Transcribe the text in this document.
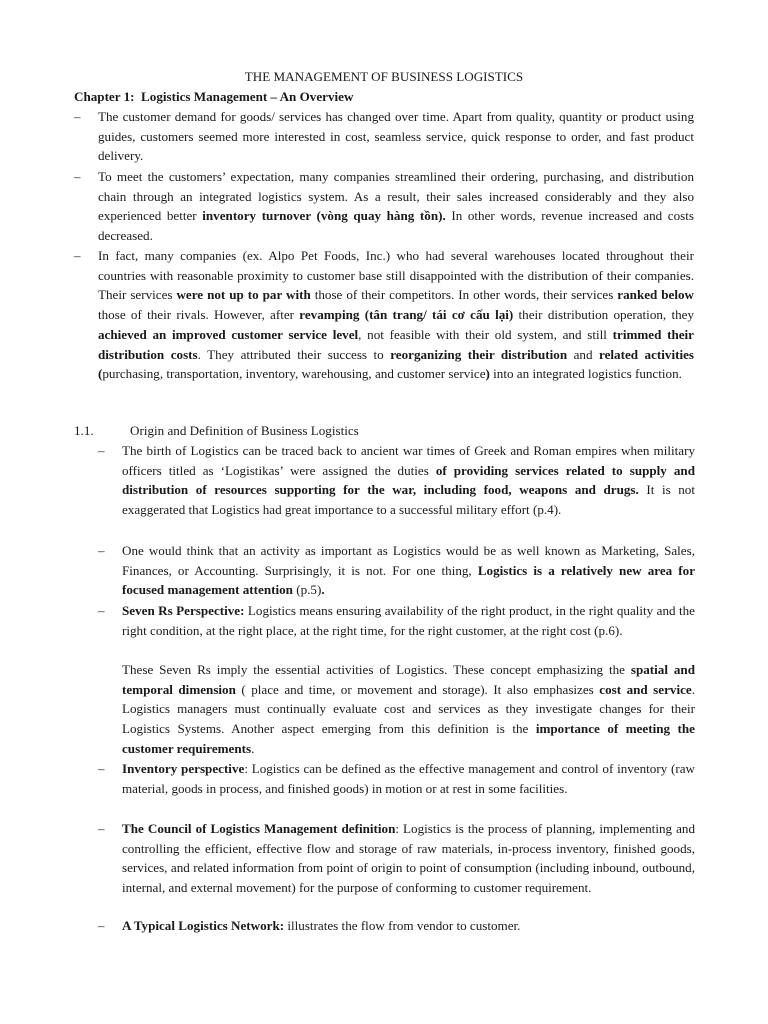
THE MANAGEMENT OF BUSINESS LOGISTICS
Chapter 1:  Logistics Management – An Overview
– The customer demand for goods/ services has changed over time. Apart from quality, quantity or product using guides, customers seemed more interested in cost, seamless service, quick response to order, and fast product delivery.
– To meet the customers’ expectation, many companies streamlined their ordering, purchasing, and distribution chain through an integrated logistics system. As a result, their sales increased considerably and they also experienced better inventory turnover (vòng quay hàng tồn). In other words, revenue increased and costs decreased.
– In fact, many companies (ex. Alpo Pet Foods, Inc.) who had several warehouses located throughout their countries with reasonable proximity to customer base still disappointed with the distribution of their companies. Their services were not up to par with those of their competitors. In other words, their services ranked below those of their rivals. However, after revamping (tân trang/ tái cơ cấu lại) their distribution operation, they achieved an improved customer service level, not feasible with their old system, and still trimmed their distribution costs. They attributed their success to reorganizing their distribution and related activities (purchasing, transportation, inventory, warehousing, and customer service) into an integrated logistics function.
1.1.	Origin and Definition of Business Logistics
– The birth of Logistics can be traced back to ancient war times of Greek and Roman empires when military officers titled as ‘Logistikas’ were assigned the duties of providing services related to supply and distribution of resources supporting for the war, including food, weapons and drugs. It is not exaggerated that Logistics had great importance to a successful military effort (p.4).
– One would think that an activity as important as Logistics would be as well known as Marketing, Sales, Finances, or Accounting. Surprisingly, it is not. For one thing, Logistics is a relatively new area for focused management attention (p.5).
– Seven Rs Perspective: Logistics means ensuring availability of the right product, in the right quality and the right condition, at the right place, at the right time, for the right customer, at the right cost (p.6).
These Seven Rs imply the essential activities of Logistics. These concept emphasizing the spatial and temporal dimension ( place and time, or movement and storage). It also emphasizes cost and service. Logistics managers must continually evaluate cost and services as they investigate changes for their Logistics Systems. Another aspect emerging from this definition is the importance of meeting the customer requirements.
– Inventory perspective: Logistics can be defined as the effective management and control of inventory (raw material, goods in process, and finished goods) in motion or at rest in some facilities.
– The Council of Logistics Management definition: Logistics is the process of planning, implementing and controlling the efficient, effective flow and storage of raw materials, in-process inventory, finished goods, services, and related information from point of origin to point of consumption (including inbound, outbound, internal, and external movement) for the purpose of conforming to customer requirement.
– A Typical Logistics Network: illustrates the flow from vendor to customer.
